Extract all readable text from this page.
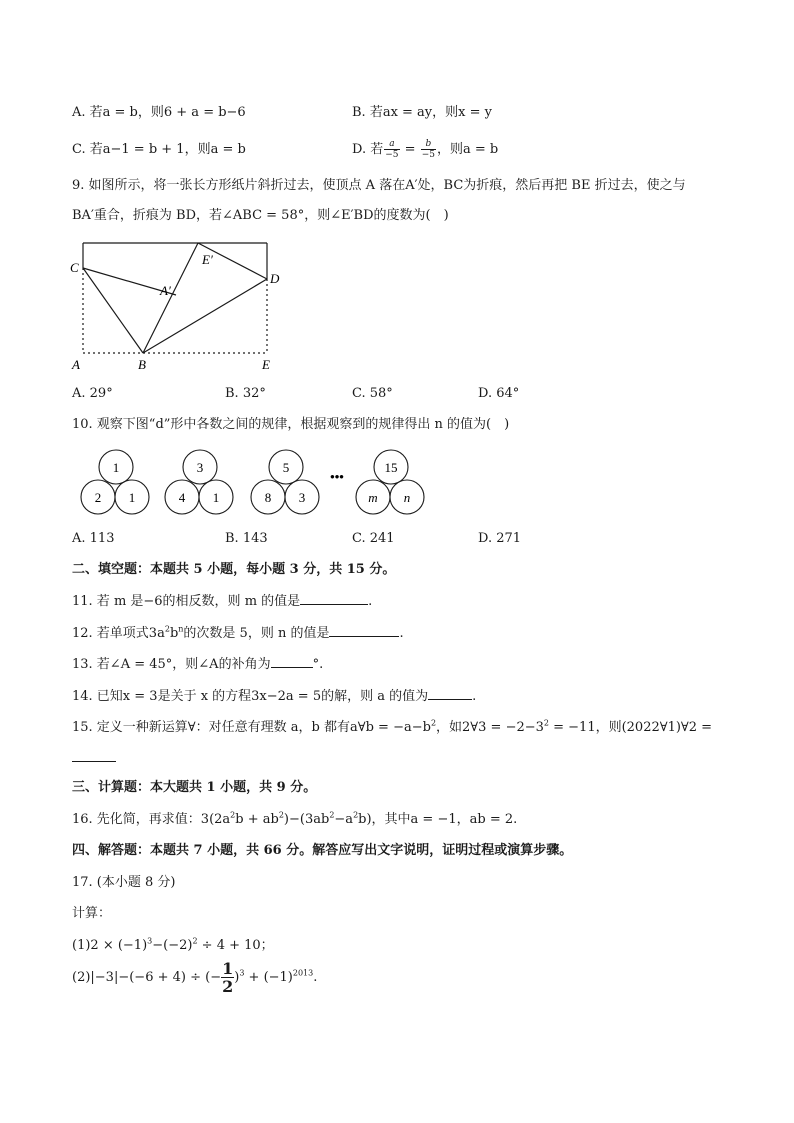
A. 若a = b，则6 + a = b−6	B. 若ax = ay，则x = y
C. 若a−1 = b + 1，则a = b	D. 若 $\frac{a}{-5} = \frac{b}{-5}$ ，则a = b
9. 如图所示，将一张长方形纸片斜折过去，使顶点 A 落在A′处，BC为折痕，然后再把 BE 折过去，使之与
BA′重合，折痕为 BD，若∠ABC = 58°，则∠E′BD的度数为(　)
C
D
A	B	E
A′
E′
A. 29°	B. 32°	C. 58°	D. 64°
10. 观察下图“d”形中各数之间的规律，根据观察到的规律得出 n 的值为(　)
1
2 1
3
4 1
5
8 3
•••
15
m n
A. 113	B. 143	C. 241	D. 271
二、填空题：本题共 5 小题，每小题 3 分，共 15 分。
11. 若 m 是−6的相反数，则 m 的值是	.
12. 若单项式$3a^2b^n$的次数是 5，则 n 的值是	.
13. 若∠A = 45°，则∠A的补角为	°.
14. 已知x = 3是关于 x 的方程3x−2a = 5的解，则 a 的值为	.
15. 定义一种新运算∀：对任意有理数 a，b 都有a∀b = $-a-b^2$，如2∀3 = $-2-3^2 = -11$，则(2022∀1)∀2 =
三、计算题：本大题共 1 小题，共 9 分。
16. 先化简，再求值：$3(2a^2b + ab^2)-(3ab^2-a^2b)$，其中a = −1，ab = 2.
四、解答题：本题共 7 小题，共 66 分。解答应写出文字说明，证明过程或演算步骤。
17. (本小题 8 分)
计算：
$(1)2 \times (-1)^3-(-2)^2 \div 4 + 10$；
(2)|−3|−(−6 + 4) ÷ (− $\frac{1}{2} )^3 + (-1)^{2013}$.
